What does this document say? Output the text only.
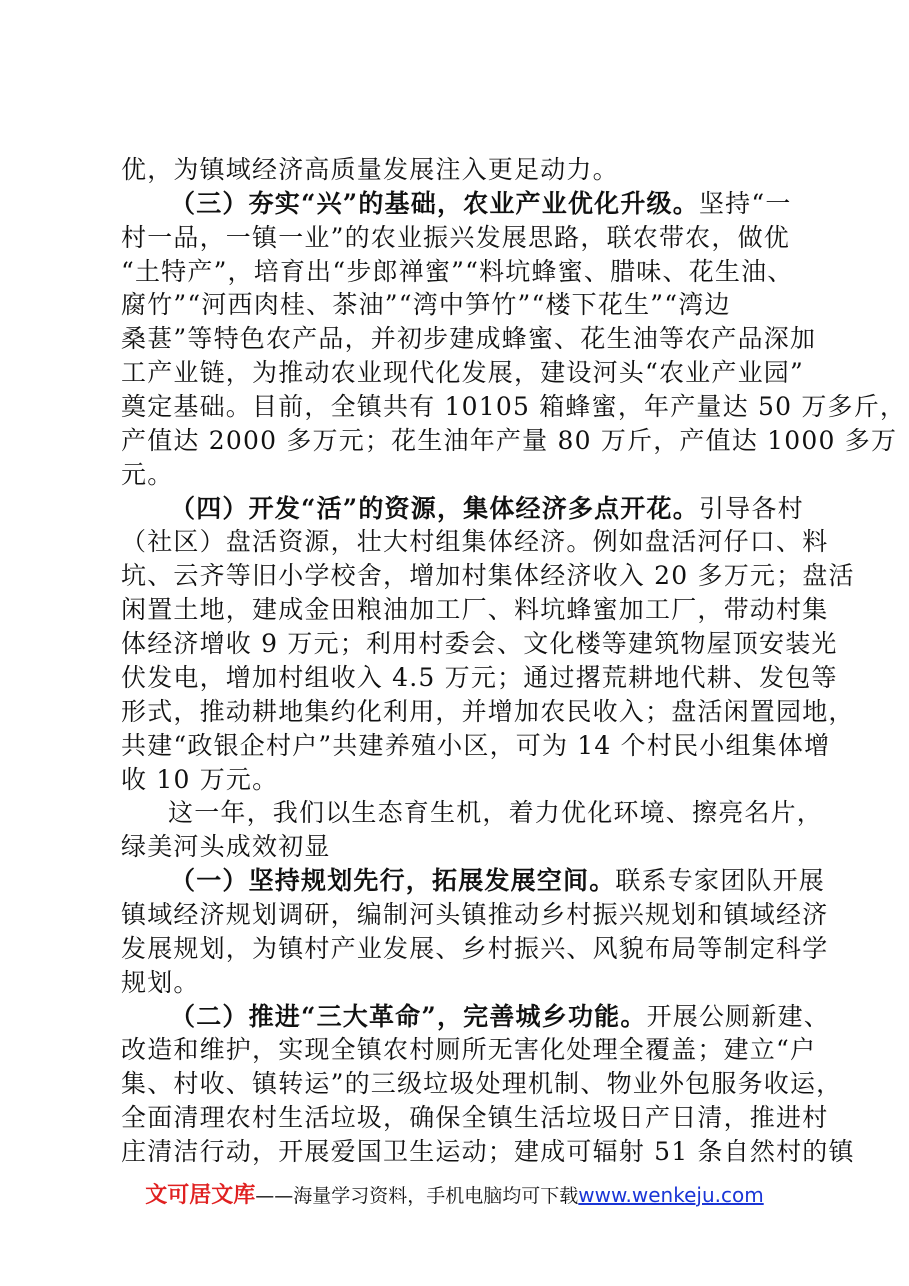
优，为镇域经济高质量发展注入更足动力。
（三）夯实“兴”的基础，农业产业优化升级。坚持“一
村一品，一镇一业”的农业振兴发展思路，联农带农，做优
“土特产”，培育出“步郎禅蜜”“料坑蜂蜜、腊味、花生油、
腐竹”“河西肉桂、茶油”“湾中笋竹”“楼下花生”“湾边
桑葚”等特色农产品，并初步建成蜂蜜、花生油等农产品深加
工产业链，为推动农业现代化发展，建设河头“农业产业园”
奠定基础。目前，全镇共有 10105 箱蜂蜜，年产量达 50 万多斤，
产值达 2000 多万元；花生油年产量 80 万斤，产值达 1000 多万
元。
（四）开发“活”的资源，集体经济多点开花。引导各村
（社区）盘活资源，壮大村组集体经济。例如盘活河仔口、料
坑、云齐等旧小学校舍，增加村集体经济收入 20 多万元；盘活
闲置土地，建成金田粮油加工厂、料坑蜂蜜加工厂，带动村集
体经济增收 9 万元；利用村委会、文化楼等建筑物屋顶安装光
伏发电，增加村组收入 4.5 万元；通过撂荒耕地代耕、发包等
形式，推动耕地集约化利用，并增加农民收入；盘活闲置园地，
共建“政银企村户”共建养殖小区，可为 14 个村民小组集体增
收 10 万元。
这一年，我们以生态育生机，着力优化环境、擦亮名片，
绿美河头成效初显
（一）坚持规划先行，拓展发展空间。联系专家团队开展
镇域经济规划调研，编制河头镇推动乡村振兴规划和镇域经济
发展规划，为镇村产业发展、乡村振兴、风貌布局等制定科学
规划。
（二）推进“三大革命”，完善城乡功能。开展公厕新建、
改造和维护，实现全镇农村厕所无害化处理全覆盖；建立“户
集、村收、镇转运”的三级垃圾处理机制、物业外包服务收运，
全面清理农村生活垃圾，确保全镇生活垃圾日产日清，推进村
庄清洁行动，开展爱国卫生运动；建成可辐射 51 条自然村的镇
文可居文库——海量学习资料，手机电脑均可下载www.wenkeju.com
